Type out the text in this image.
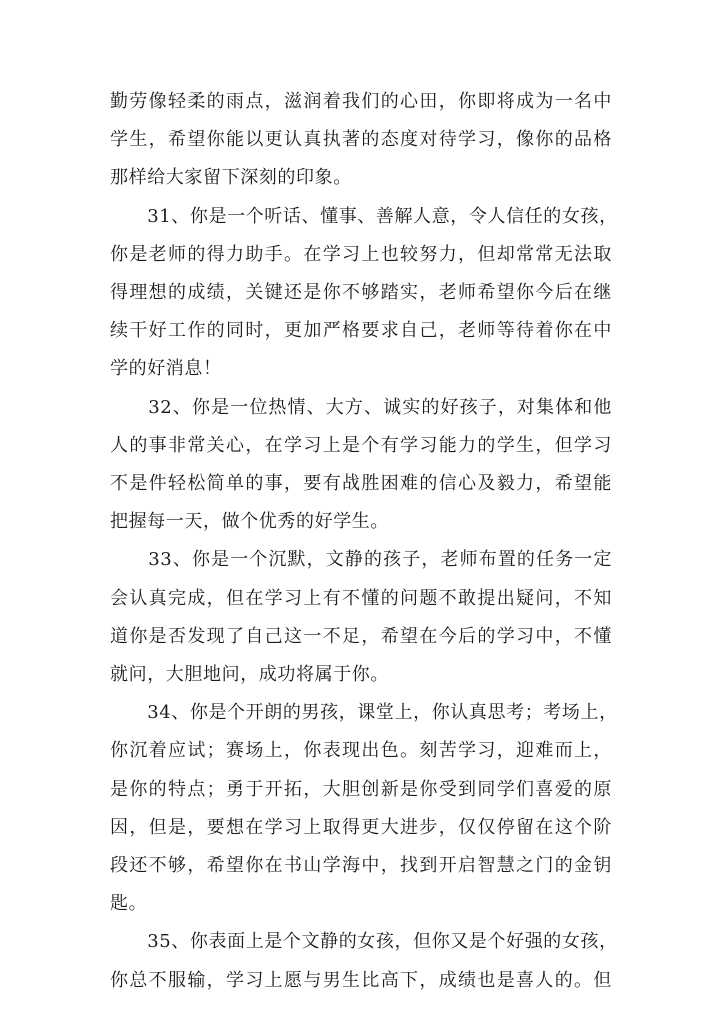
勤劳像轻柔的雨点，滋润着我们的心田，你即将成为一名中
学生，希望你能以更认真执著的态度对待学习，像你的品格
那样给大家留下深刻的印象。

　　31、你是一个听话、懂事、善解人意，令人信任的女孩，
你是老师的得力助手。在学习上也较努力，但却常常无法取
得理想的成绩，关键还是你不够踏实，老师希望你今后在继
续干好工作的同时，更加严格要求自己，老师等待着你在中
学的好消息！

　　32、你是一位热情、大方、诚实的好孩子，对集体和他
人的事非常关心，在学习上是个有学习能力的学生，但学习
不是件轻松简单的事，要有战胜困难的信心及毅力，希望能
把握每一天，做个优秀的好学生。

　　33、你是一个沉默，文静的孩子，老师布置的任务一定
会认真完成，但在学习上有不懂的问题不敢提出疑问，不知
道你是否发现了自己这一不足，希望在今后的学习中，不懂
就问，大胆地问，成功将属于你。

　　34、你是个开朗的男孩，课堂上，你认真思考；考场上，
你沉着应试；赛场上，你表现出色。刻苦学习，迎难而上，
是你的特点；勇于开拓，大胆创新是你受到同学们喜爱的原
因，但是，要想在学习上取得更大进步，仅仅停留在这个阶
段还不够，希望你在书山学海中，找到开启智慧之门的金钥
匙。

　　35、你表面上是个文静的女孩，但你又是个好强的女孩，
你总不服输，学习上愿与男生比高下，成绩也是喜人的。但
